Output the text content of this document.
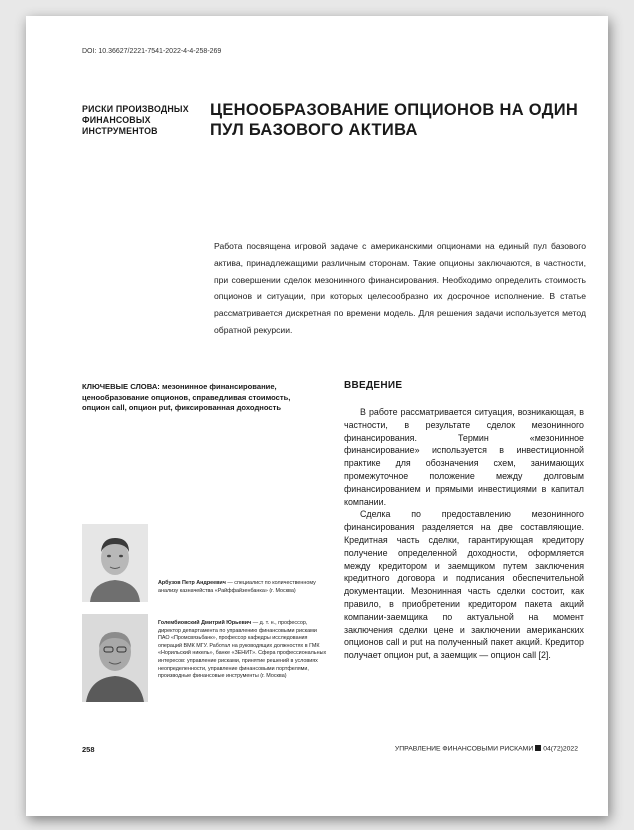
DOI: 10.36627/2221-7541-2022-4-4-258-269
РИСКИ ПРОИЗВОДНЫХ ФИНАНСОВЫХ ИНСТРУМЕНТОВ
ЦЕНООБРАЗОВАНИЕ ОПЦИОНОВ НА ОДИН ПУЛ БАЗОВОГО АКТИВА
Работа посвящена игровой задаче с американскими опционами на единый пул базового актива, принадлежащими различным сторонам. Такие опционы заключаются, в частности, при совершении сделок мезонинного финансирования. Необходимо определить стоимость опционов и ситуации, при которых целесообразно их досрочное исполнение. В статье рассматривается дискретная по времени модель. Для решения задачи используется метод обратной рекурсии.
КЛЮЧЕВЫЕ СЛОВА: мезонинное финансирование, ценообразование опционов, справедливая стоимость, опцион call, опцион put, фиксированная доходность
ВВЕДЕНИЕ

В работе рассматривается ситуация, возникающая, в частности, в результате сделок мезонинного финансирования. Термин «мезонинное финансирование» используется в инвестиционной практике для обозначения схем, занимающих промежуточное положение между долговым финансированием и прямыми инвестициями в капитал компании.

Сделка по предоставлению мезонинного финансирования разделяется на две составляющие. Кредитная часть сделки, гарантирующая кредитору получение определенной доходности, оформляется между кредитором и заемщиком путем заключения кредитного договора и подписания обеспечительной документации. Мезонинная часть сделки состоит, как правило, в приобретении кредитором пакета акций компании-заемщика по актуальной на момент заключения сделки цене и заключении американских опционов call и put на полученный пакет акций. Кредитор получает опцион put, а заемщик — опцион call [2].

Арбузов Петр Андреевич — специалист по количественному анализу казначейства «Райффайзенбанка» (г. Москва)
Голембиовский Дмитрий Юрьевич — д. т. н., профессор, директор департамента по управлению финансовыми рисками ПАО «Промсвязьбанк», профессор кафедры исследования операций ВМК МГУ. Работал на руководящих должностях в ГМК «Норильский никель», банке «ЗЕНИТ». Сфера профессиональных интересов: управление рисками, принятие решений в условиях неопределенности, управление финансовыми портфелями, производные финансовые инструменты (г. Москва)
258	УПРАВЛЕНИЕ ФИНАНСОВЫМИ РИСКАМИ 04(72)2022
